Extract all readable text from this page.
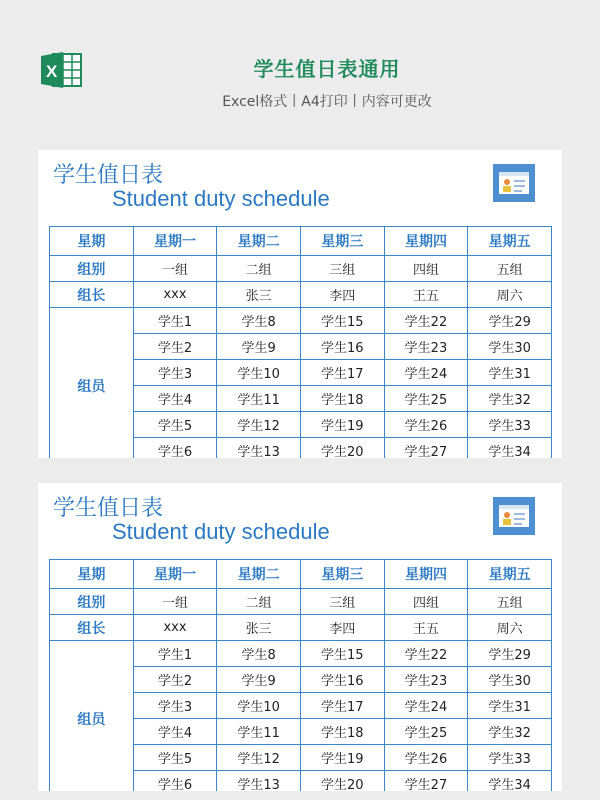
X	学生值日表通用
Excel格式丨A4打印丨内容可更改
学生值日表
Student duty schedule
星期	星期一	星期二	星期三	星期四	星期五
组别	一组	二组	三组	四组	五组
组长	xxx	张三	李四	王五	周六
组员	学生1	学生8	学生15	学生22	学生29
	学生2	学生9	学生16	学生23	学生30
	学生3	学生10	学生17	学生24	学生31
	学生4	学生11	学生18	学生25	学生32
	学生5	学生12	学生19	学生26	学生33
	学生6	学生13	学生20	学生27	学生34
学生值日表
Student duty schedule
星期	星期一	星期二	星期三	星期四	星期五
组别	一组	二组	三组	四组	五组
组长	xxx	张三	李四	王五	周六
组员	学生1	学生8	学生15	学生22	学生29
	学生2	学生9	学生16	学生23	学生30
	学生3	学生10	学生17	学生24	学生31
	学生4	学生11	学生18	学生25	学生32
	学生5	学生12	学生19	学生26	学生33
	学生6	学生13	学生20	学生27	学生34
